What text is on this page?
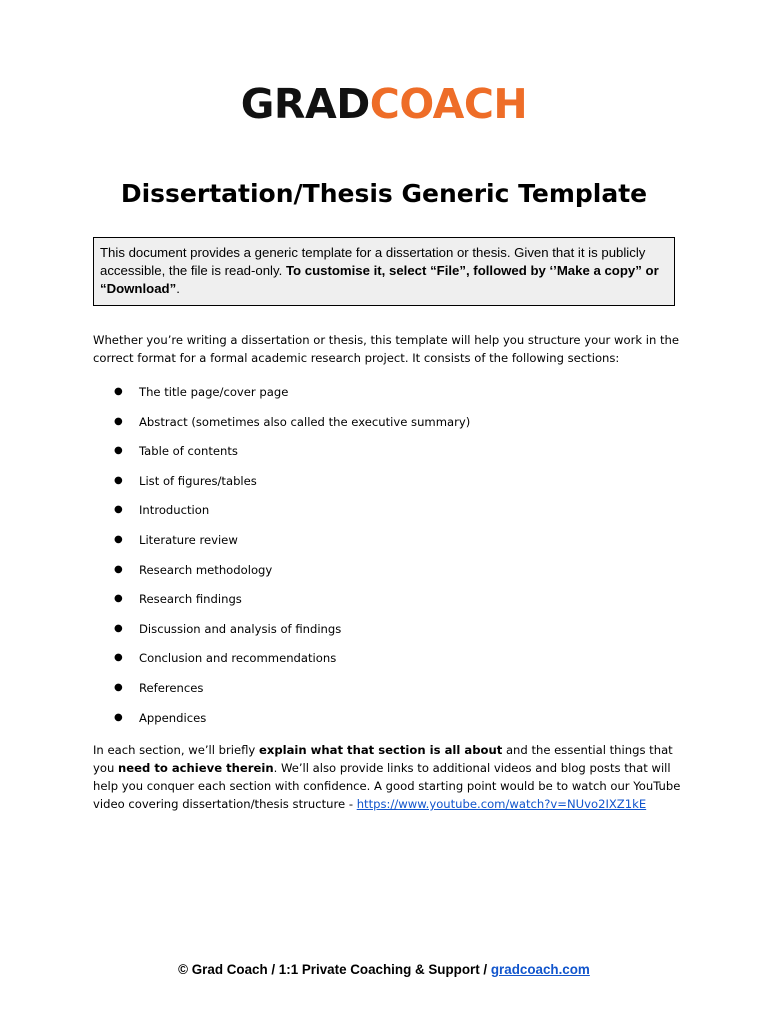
GRADCOACH
Dissertation/Thesis Generic Template
This document provides a generic template for a dissertation or thesis. Given that it is publicly accessible, the file is read-only. To customise it, select “File”, followed by ‘’Make a copy” or “Download”.

Whether you’re writing a dissertation or thesis, this template will help you structure your work in the correct format for a formal academic research project. It consists of the following sections:

● The title page/cover page
● Abstract (sometimes also called the executive summary)
● Table of contents
● List of figures/tables
● Introduction
● Literature review
● Research methodology
● Research findings
● Discussion and analysis of findings
● Conclusion and recommendations
● References
● Appendices

In each section, we’ll briefly explain what that section is all about and the essential things that you need to achieve therein. We’ll also provide links to additional videos and blog posts that will help you conquer each section with confidence. A good starting point would be to watch our YouTube video covering dissertation/thesis structure - https://www.youtube.com/watch?v=NUvo2IXZ1kE

© Grad Coach / 1:1 Private Coaching & Support / gradcoach.com
